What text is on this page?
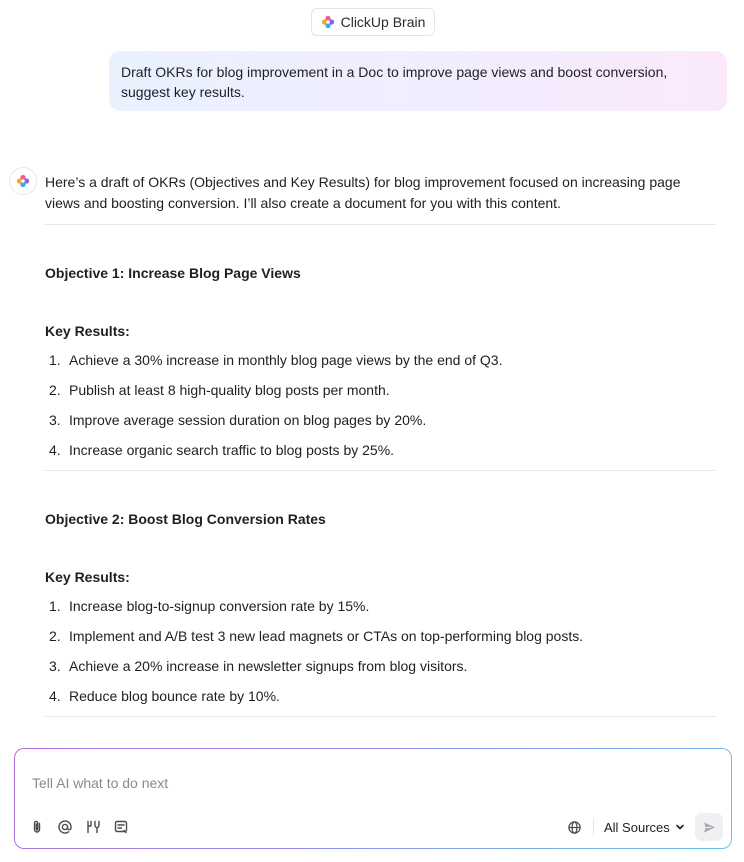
ClickUp Brain
Draft OKRs for blog improvement in a Doc to improve page views and boost conversion, suggest key results.

Here’s a draft of OKRs (Objectives and Key Results) for blog improvement focused on increasing page views and boosting conversion. I’ll also create a document for you with this content.

Objective 1: Increase Blog Page Views
Key Results:
1. Achieve a 30% increase in monthly blog page views by the end of Q3.
2. Publish at least 8 high-quality blog posts per month.
3. Improve average session duration on blog pages by 20%.
4. Increase organic search traffic to blog posts by 25%.
Objective 2: Boost Blog Conversion Rates
Key Results:
1. Increase blog-to-signup conversion rate by 15%.
2. Implement and A/B test 3 new lead magnets or CTAs on top-performing blog posts.
3. Achieve a 20% increase in newsletter signups from blog visitors.
4. Reduce blog bounce rate by 10%.
Tell AI what to do next
All Sources
